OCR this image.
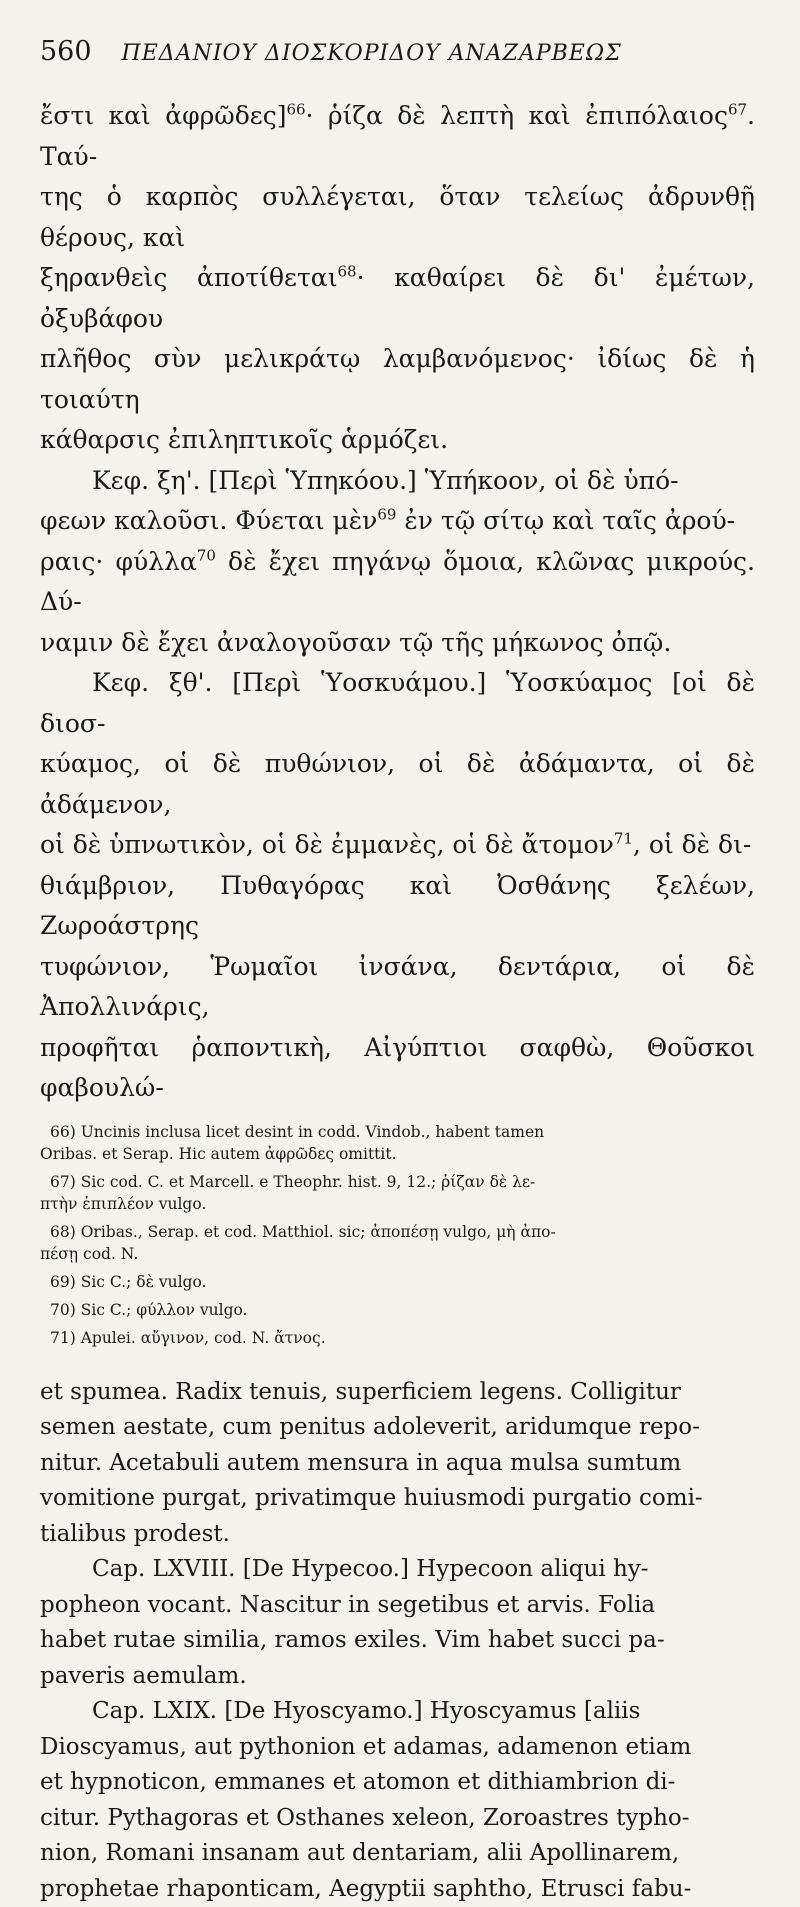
560 ΠΕΔΑΝΙΟΥ ΔΙΟΣΚΟΡΙΔΟΥ ΑΝΑΖΑΡΒΕΩΣ

ἔστι καὶ ἀφρῶδες]$^{66}$· ῥίζα δὲ λεπτὴ καὶ ἐπιπόλαιος$^{67}$. Ταύ-

της ὁ καρπὸς συλλέγεται, ὅταν τελείως ἀδρυνθῇ θέρους, καὶ

ξηρανθεὶς ἀποτίθεται$^{68}$· καθαίρει δὲ δι' ἐμέτων, ὀξυβάφου

πλῆθος σὺν μελικράτῳ λαμβανόμενος· ἰδίως δὲ ἡ τοιαύτη

κάθαρσις ἐπιληπτικοῖς ἁρμόζει.

Κεφ. ξη'. [Περὶ Ὑπηκόου.] Ὑπήκοον, οἱ δὲ ὑπό-

φεων καλοῦσι. Φύεται μὲν$^{69}$ ἐν τῷ σίτῳ καὶ ταῖς ἀρού-

ραις· φύλλα$^{70}$ δὲ ἔχει πηγάνῳ ὅμοια, κλῶνας μικρούς. Δύ-

ναμιν δὲ ἔχει ἀναλογοῦσαν τῷ τῆς μήκωνος ὀπῷ.

Κεφ. ξθ'. [Περὶ Ὑοσκυάμου.] Ὑοσκύαμος [οἱ δὲ διοσ-

κύαμος, οἱ δὲ πυθώνιον, οἱ δὲ ἀδάμαντα, οἱ δὲ ἀδάμενον,

οἱ δὲ ὑπνωτικὸν, οἱ δὲ ἐμμανὲς, οἱ δὲ ἄτομον$^{71}$, οἱ δὲ δι-

θιάμβριον, Πυθαγόρας καὶ Ὀσθάνης ξελέων, Ζωροάστρης

τυφώνιον, Ῥωμαῖοι ἰνσάνα, δεντάρια, οἱ δὲ Ἀπολλινάρις,

προφῆται ῥαποντικὴ, Αἰγύπτιοι σαφθὼ, Θοῦσκοι φαβουλώ-

66) Uncinis inclusa licet desint in codd. Vindob., habent tamen

Oribas. et Serap. Hic autem ἀφρῶδες omittit.

67) Sic cod. C. et Marcell. e Theophr. hist. 9, 12.; ῥίζαν δὲ λε-

πτὴν ἐπιπλέον vulgo.

68) Oribas., Serap. et cod. Matthiol. sic; ἀποπέσῃ vulgo, μὴ ἀπο-

πέσῃ cod. N.

69) Sic C.; δὲ vulgo.

70) Sic C.; φύλλον vulgo.

71) Apulei. αὔγινον, cod. N. ἄτνος.

et spumea. Radix tenuis, superficiem legens. Colligitur

semen aestate, cum penitus adoleverit, aridumque repo-

nitur. Acetabuli autem mensura in aqua mulsa sumtum

vomitione purgat, privatimque huiusmodi purgatio comi-

tialibus prodest.

Cap. LXVIII. [De Hypecoo.] Hypecoon aliqui hy-

popheon vocant. Nascitur in segetibus et arvis. Folia

habet rutae similia, ramos exiles. Vim habet succi pa-

paveris aemulam.

Cap. LXIX. [De Hyoscyamo.] Hyoscyamus [aliis

Dioscyamus, aut pythonion et adamas, adamenon etiam

et hypnoticon, emmanes et atomon et dithiambrion di-

citur. Pythagoras et Osthanes xeleon, Zoroastres typho-

nion, Romani insanam aut dentariam, alii Apollinarem,

prophetae rhaponticam, Aegyptii saphtho, Etrusci fabu-
